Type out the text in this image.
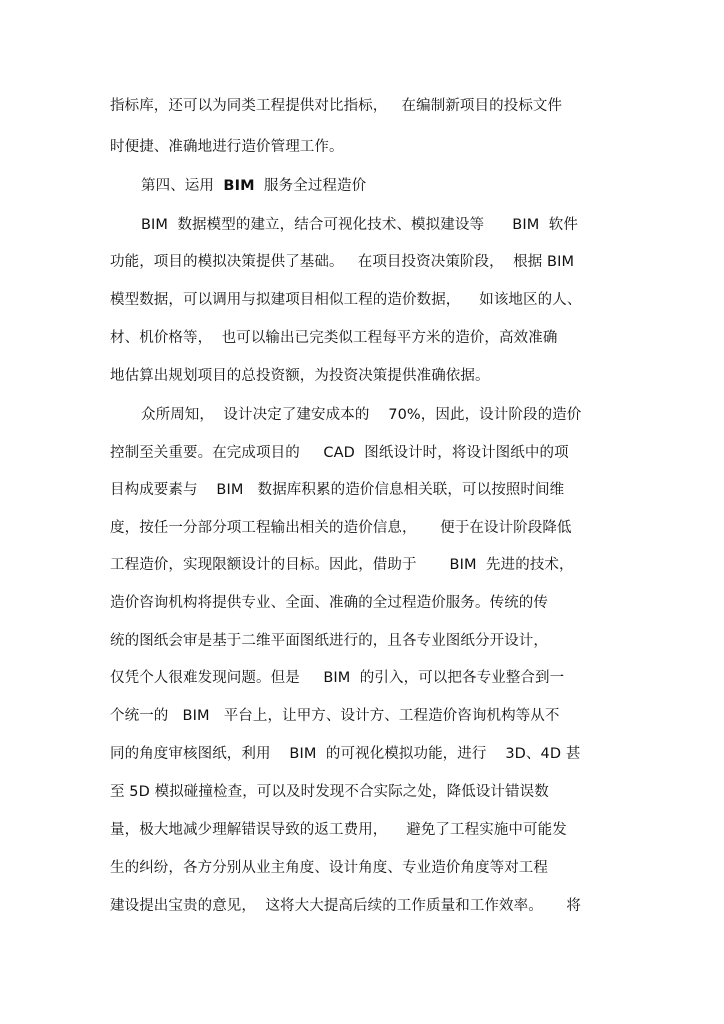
指标库，还可以为同类工程提供对比指标，   在编制新项目的投标文件
时便捷、准确地进行造价管理工作。
第四、运用  BIM  服务全过程造价
BIM  数据模型的建立，结合可视化技术、模拟建设等      BIM  软件
功能，项目的模拟决策提供了基础。   在项目投资决策阶段，  根据 BIM
模型数据，可以调用与拟建项目相似工程的造价数据，    如该地区的人、
材、机价格等，  也可以输出已完类似工程每平方米的造价，高效准确
地估算出规划项目的总投资额，为投资决策提供准确依据。
众所周知，  设计决定了建安成本的    70%，因此，设计阶段的造价
控制至关重要。在完成项目的     CAD  图纸设计时，将设计图纸中的项
目构成要素与    BIM   数据库积累的造价信息相关联，可以按照时间维
度，按任一分部分项工程输出相关的造价信息，     便于在设计阶段降低
工程造价，实现限额设计的目标。因此，借助于       BIM  先进的技术，
造价咨询机构将提供专业、全面、准确的全过程造价服务。传统的传
统的图纸会审是基于二维平面图纸进行的，且各专业图纸分开设计，
仅凭个人很难发现问题。但是     BIM  的引入，可以把各专业整合到一
个统一的   BIM   平台上，让甲方、设计方、工程造价咨询机构等从不
同的角度审核图纸，利用    BIM  的可视化模拟功能，进行    3D、4D 甚
至 5D 模拟碰撞检查，可以及时发现不合实际之处，降低设计错误数
量，极大地减少理解错误导致的返工费用，    避免了工程实施中可能发
生的纠纷，各方分别从业主角度、设计角度、专业造价角度等对工程
建设提出宝贵的意见，  这将大大提高后续的工作质量和工作效率。     将
